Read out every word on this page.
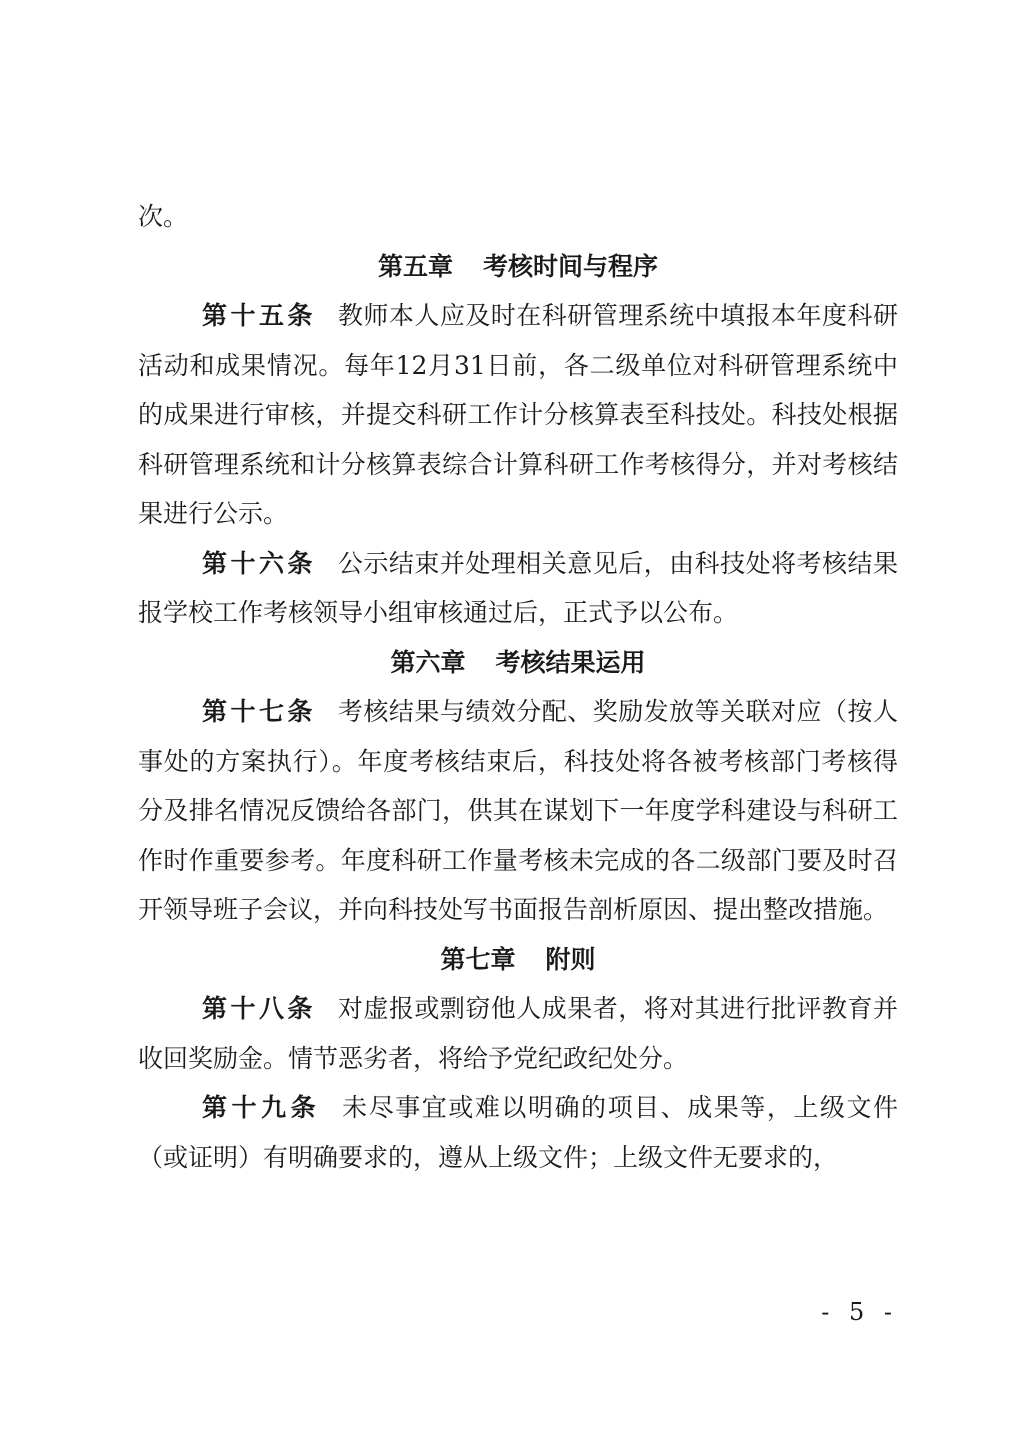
次。

第五章 考核时间与程序

第十五条 教师本人应及时在科研管理系统中填报本年度科研活动和成果情况。每年12月31日前，各二级单位对科研管理系统中的成果进行审核，并提交科研工作计分核算表至科技处。科技处根据科研管理系统和计分核算表综合计算科研工作考核得分，并对考核结果进行公示。

第十六条 公示结束并处理相关意见后，由科技处将考核结果报学校工作考核领导小组审核通过后，正式予以公布。

第六章 考核结果运用

第十七条 考核结果与绩效分配、奖励发放等关联对应（按人事处的方案执行）。年度考核结束后，科技处将各被考核部门考核得分及排名情况反馈给各部门，供其在谋划下一年度学科建设与科研工作时作重要参考。年度科研工作量考核未完成的各二级部门要及时召开领导班子会议，并向科技处写书面报告剖析原因、提出整改措施。

第七章 附则

第十八条 对虚报或剽窃他人成果者，将对其进行批评教育并收回奖励金。情节恶劣者，将给予党纪政纪处分。

第十九条 未尽事宜或难以明确的项目、成果等，上级文件（或证明）有明确要求的，遵从上级文件；上级文件无要求的，

- 5 -
